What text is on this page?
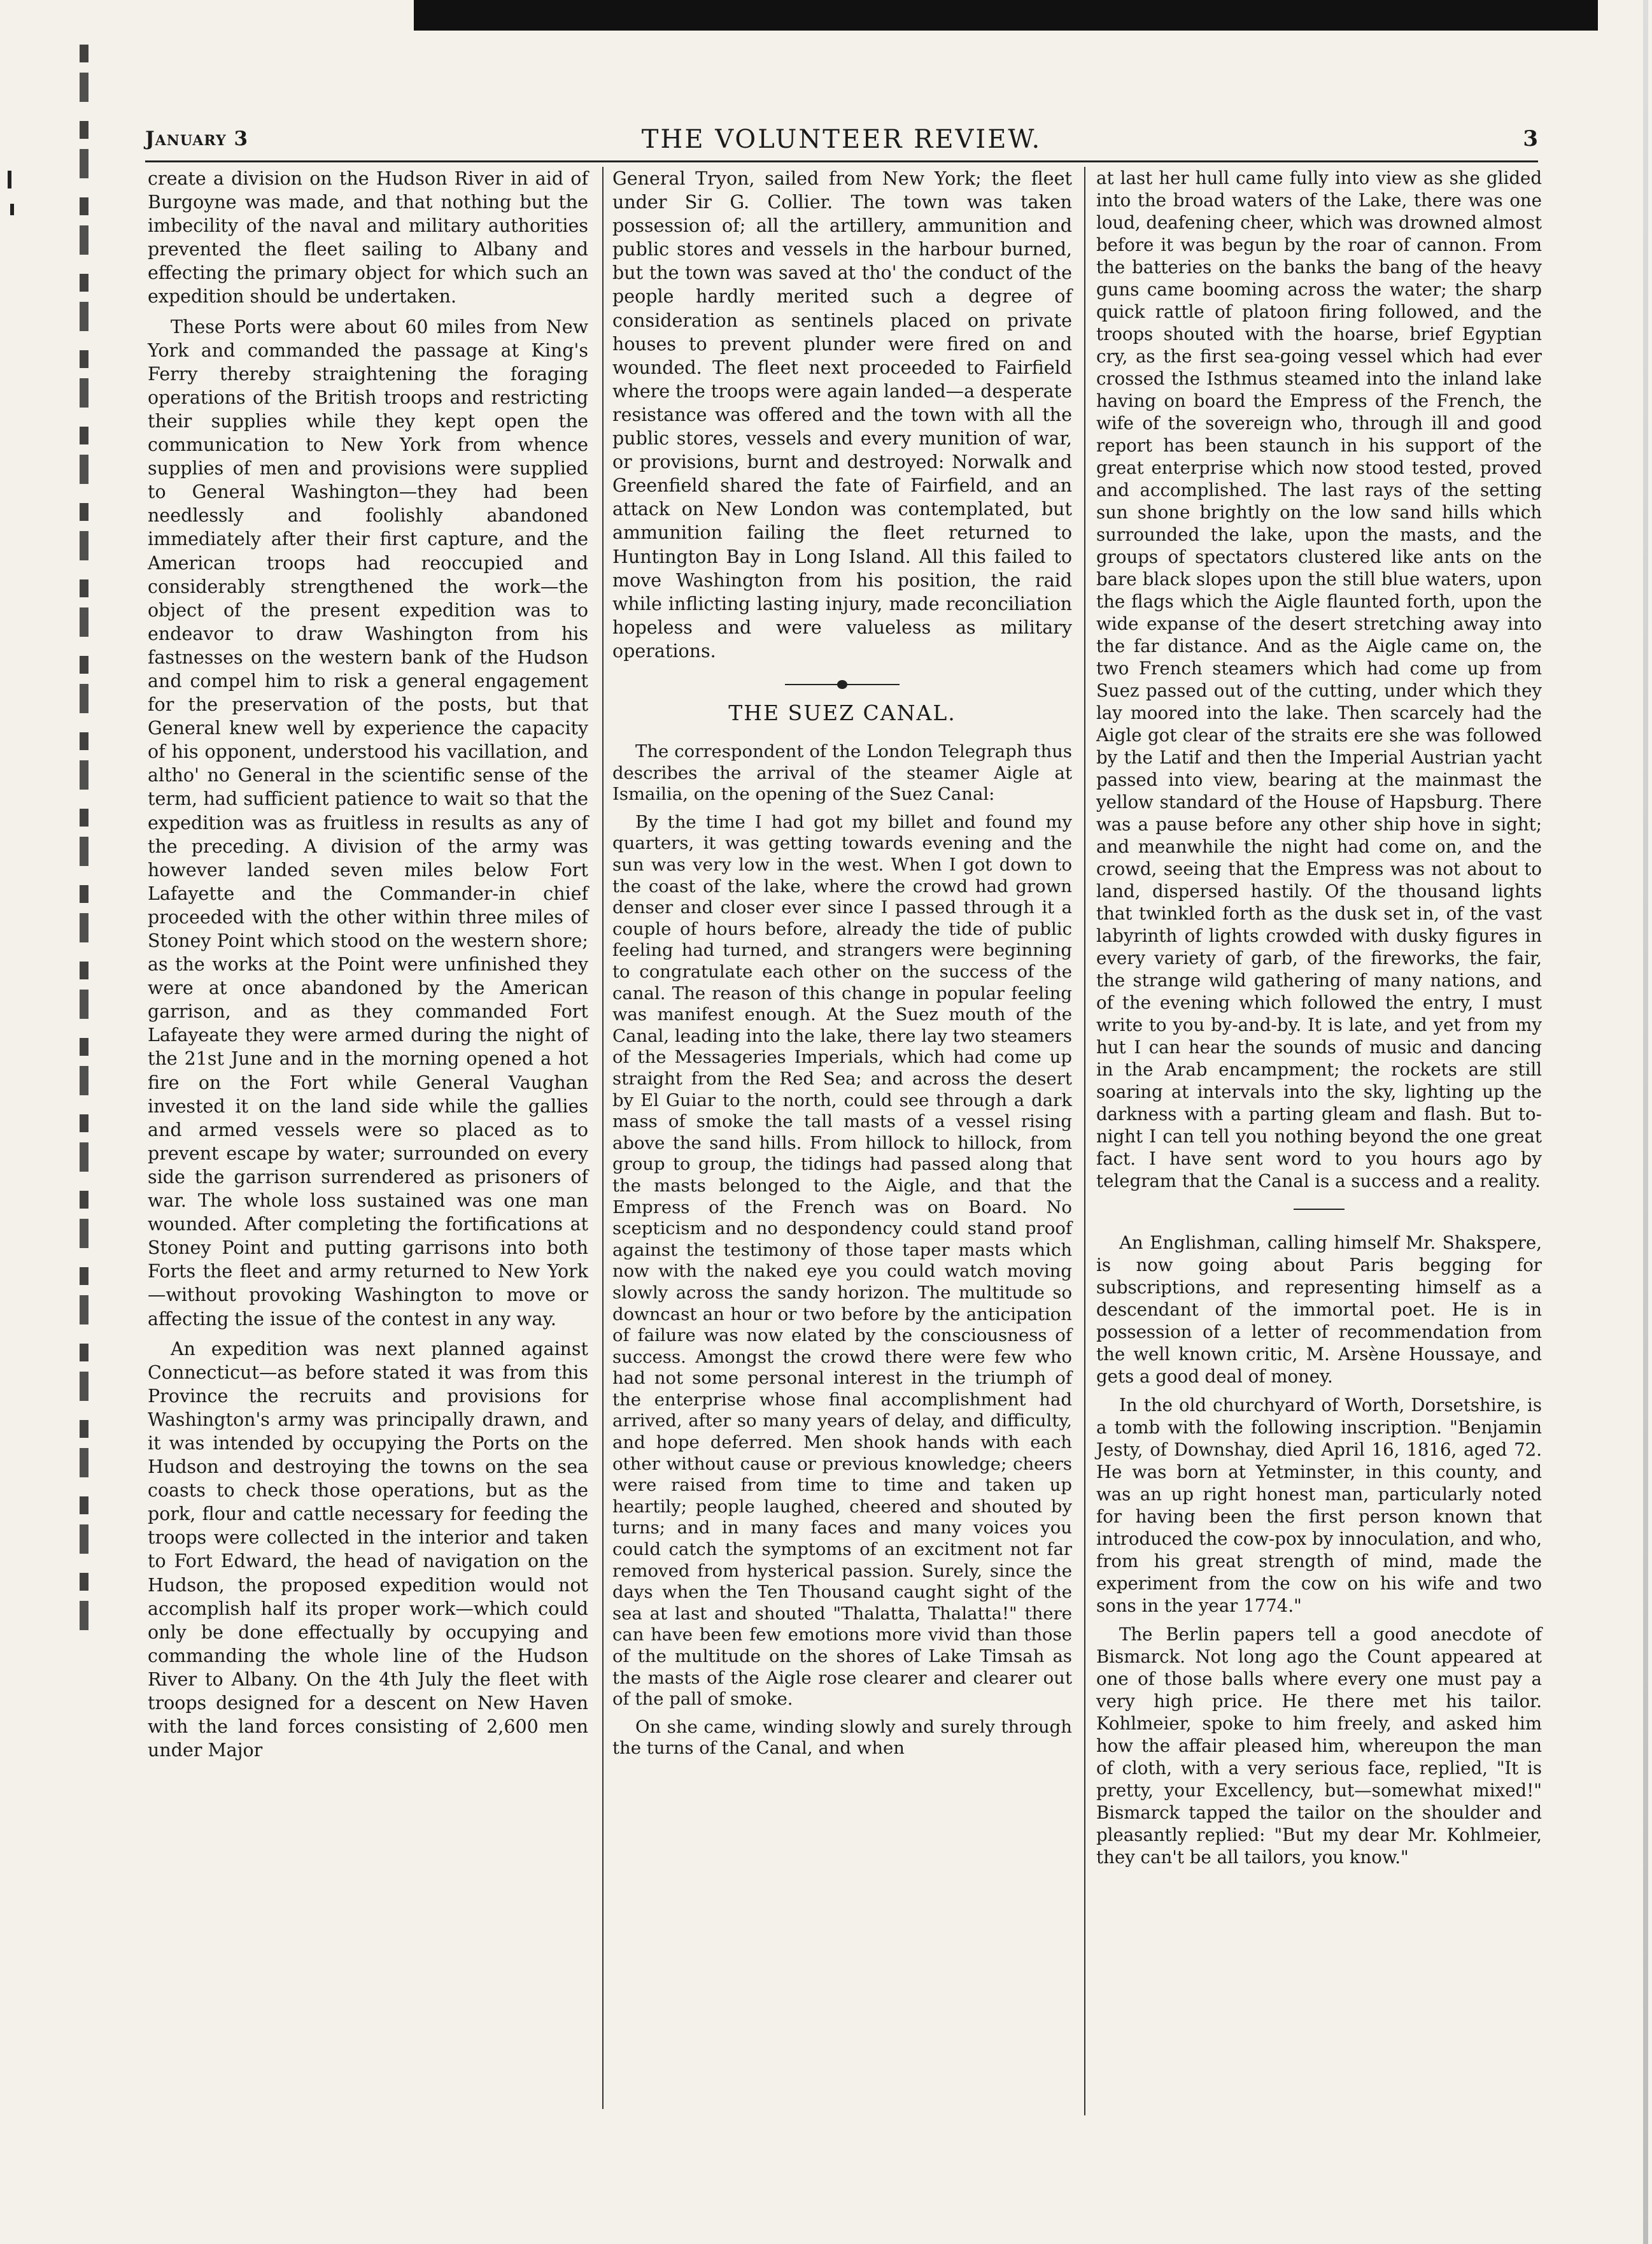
January 3	THE VOLUNTEER REVIEW.	3

create a division on the Hudson River in aid of Burgoyne was made, and that nothing but the imbecility of the naval and military authorities prevented the fleet sailing to Albany and effecting the primary object for which such an expedition should be undertaken.

These Ports were about 60 miles from New York and commanded the passage at King's Ferry thereby straightening the foraging operations of the British troops and restricting their supplies while they kept open the communication to New York from whence supplies of men and provisions were supplied to General Washington—they had been needlessly and foolishly abandoned immediately after their first capture, and the American troops had reoccupied and considerably strengthened the work—the object of the present expedition was to endeavor to draw Washington from his fastnesses on the western bank of the Hudson and compel him to risk a general engagement for the preservation of the posts, but that General knew well by experience the capacity of his opponent, understood his vacillation, and altho' no General in the scientific sense of the term, had sufficient patience to wait so that the expedition was as fruitless in results as any of the preceding. A division of the army was however landed seven miles below Fort Lafayette and the Commander-in chief proceeded with the other within three miles of Stoney Point which stood on the western shore; as the works at the Point were unfinished they were at once abandoned by the American garrison, and as they commanded Fort Lafayeate they were armed during the night of the 21st June and in the morning opened a hot fire on the Fort while General Vaughan invested it on the land side while the gallies and armed vessels were so placed as to prevent escape by water; surrounded on every side the garrison surrendered as prisoners of war. The whole loss sustained was one man wounded. After completing the fortifications at Stoney Point and putting garrisons into both Forts the fleet and army returned to New York—without provoking Washington to move or affecting the issue of the contest in any way.

An expedition was next planned against Connecticut—as before stated it was from this Province the recruits and provisions for Washington's army was principally drawn, and it was intended by occupying the Ports on the Hudson and destroying the towns on the sea coasts to check those operations, but as the pork, flour and cattle necessary for feeding the troops were collected in the interior and taken to Fort Edward, the head of navigation on the Hudson, the proposed expedition would not accomplish half its proper work—which could only be done effectually by occupying and commanding the whole line of the Hudson River to Albany. On the 4th July the fleet with troops designed for a descent on New Haven with the land forces consisting of 2,600 men under Major

General Tryon, sailed from New York; the fleet under Sir G. Collier. The town was taken possession of; all the artillery, ammunition and public stores and vessels in the harbour burned, but the town was saved at tho' the conduct of the people hardly merited such a degree of consideration as sentinels placed on private houses to prevent plunder were fired on and wounded. The fleet next proceeded to Fairfield where the troops were again landed—a desperate resistance was offered and the town with all the public stores, vessels and every munition of war, or provisions, burnt and destroyed: Norwalk and Greenfield shared the fate of Fairfield, and an attack on New London was contemplated, but ammunition failing the fleet returned to Huntington Bay in Long Island. All this failed to move Washington from his position, the raid while inflicting lasting injury, made reconciliation hopeless and were valueless as military operations.

THE SUEZ CANAL.

The correspondent of the London Telegraph thus describes the arrival of the steamer Aigle at Ismailia, on the opening of the Suez Canal:

By the time I had got my billet and found my quarters, it was getting towards evening and the sun was very low in the west. When I got down to the coast of the lake, where the crowd had grown denser and closer ever since I passed through it a couple of hours before, already the tide of public feeling had turned, and strangers were beginning to congratulate each other on the success of the canal. The reason of this change in popular feeling was manifest enough. At the Suez mouth of the Canal, leading into the lake, there lay two steamers of the Messageries Imperials, which had come up straight from the Red Sea; and across the desert by El Guiar to the north, could see through a dark mass of smoke the tall masts of a vessel rising above the sand hills. From hillock to hillock, from group to group, the tidings had passed along that the masts belonged to the Aigle, and that the Empress of the French was on Board. No scepticism and no despondency could stand proof against the testimony of those taper masts which now with the naked eye you could watch moving slowly across the sandy horizon. The multitude so downcast an hour or two before by the anticipation of failure was now elated by the consciousness of success. Amongst the crowd there were few who had not some personal interest in the triumph of the enterprise whose final accomplishment had arrived, after so many years of delay, and difficulty, and hope deferred. Men shook hands with each other without cause or previous knowledge; cheers were raised from time to time and taken up heartily; people laughed, cheered and shouted by turns; and in many faces and many voices you could catch the symptoms of an excitment not far removed from hysterical passion. Surely, since the days when the Ten Thousand caught sight of the sea at last and shouted "Thalatta, Thalatta!" there can have been few emotions more vivid than those of the multitude on the shores of Lake Timsah as the masts of the Aigle rose clearer and clearer out of the pall of smoke.

On she came, winding slowly and surely through the turns of the Canal, and when

at last her hull came fully into view as she glided into the broad waters of the Lake, there was one loud, deafening cheer, which was drowned almost before it was begun by the roar of cannon. From the batteries on the banks the bang of the heavy guns came booming across the water; the sharp quick rattle of platoon firing followed, and the troops shouted with the hoarse, brief Egyptian cry, as the first sea-going vessel which had ever crossed the Isthmus steamed into the inland lake having on board the Empress of the French, the wife of the sovereign who, through ill and good report has been staunch in his support of the great enterprise which now stood tested, proved and accomplished. The last rays of the setting sun shone brightly on the low sand hills which surrounded the lake, upon the masts, and the groups of spectators clustered like ants on the bare black slopes upon the still blue waters, upon the flags which the Aigle flaunted forth, upon the wide expanse of the desert stretching away into the far distance. And as the Aigle came on, the two French steamers which had come up from Suez passed out of the cutting, under which they lay moored into the lake. Then scarcely had the Aigle got clear of the straits ere she was followed by the Latif and then the Imperial Austrian yacht passed into view, bearing at the mainmast the yellow standard of the House of Hapsburg. There was a pause before any other ship hove in sight; and meanwhile the night had come on, and the crowd, seeing that the Empress was not about to land, dispersed hastily. Of the thousand lights that twinkled forth as the dusk set in, of the vast labyrinth of lights crowded with dusky figures in every variety of garb, of the fireworks, the fair, the strange wild gathering of many nations, and of the evening which followed the entry, I must write to you by-and-by. It is late, and yet from my hut I can hear the sounds of music and dancing in the Arab encampment; the rockets are still soaring at intervals into the sky, lighting up the darkness with a parting gleam and flash. But to-night I can tell you nothing beyond the one great fact. I have sent word to you hours ago by telegram that the Canal is a success and a reality.

An Englishman, calling himself Mr. Shakspere, is now going about Paris begging for subscriptions, and representing himself as a descendant of the immortal poet. He is in possession of a letter of recommendation from the well known critic, M. Arsène Houssaye, and gets a good deal of money.

In the old churchyard of Worth, Dorsetshire, is a tomb with the following inscription. "Benjamin Jesty, of Downshay, died April 16, 1816, aged 72. He was born at Yetminster, in this county, and was an up right honest man, particularly noted for having been the first person known that introduced the cow-pox by innoculation, and who, from his great strength of mind, made the experiment from the cow on his wife and two sons in the year 1774."

The Berlin papers tell a good anecdote of Bismarck. Not long ago the Count appeared at one of those balls where every one must pay a very high price. He there met his tailor. Kohlmeier, spoke to him freely, and asked him how the affair pleased him, whereupon the man of cloth, with a very serious face, replied, "It is pretty, your Excellency, but—somewhat mixed!" Bismarck tapped the tailor on the shoulder and pleasantly replied: "But my dear Mr. Kohlmeier, they can't be all tailors, you know."
